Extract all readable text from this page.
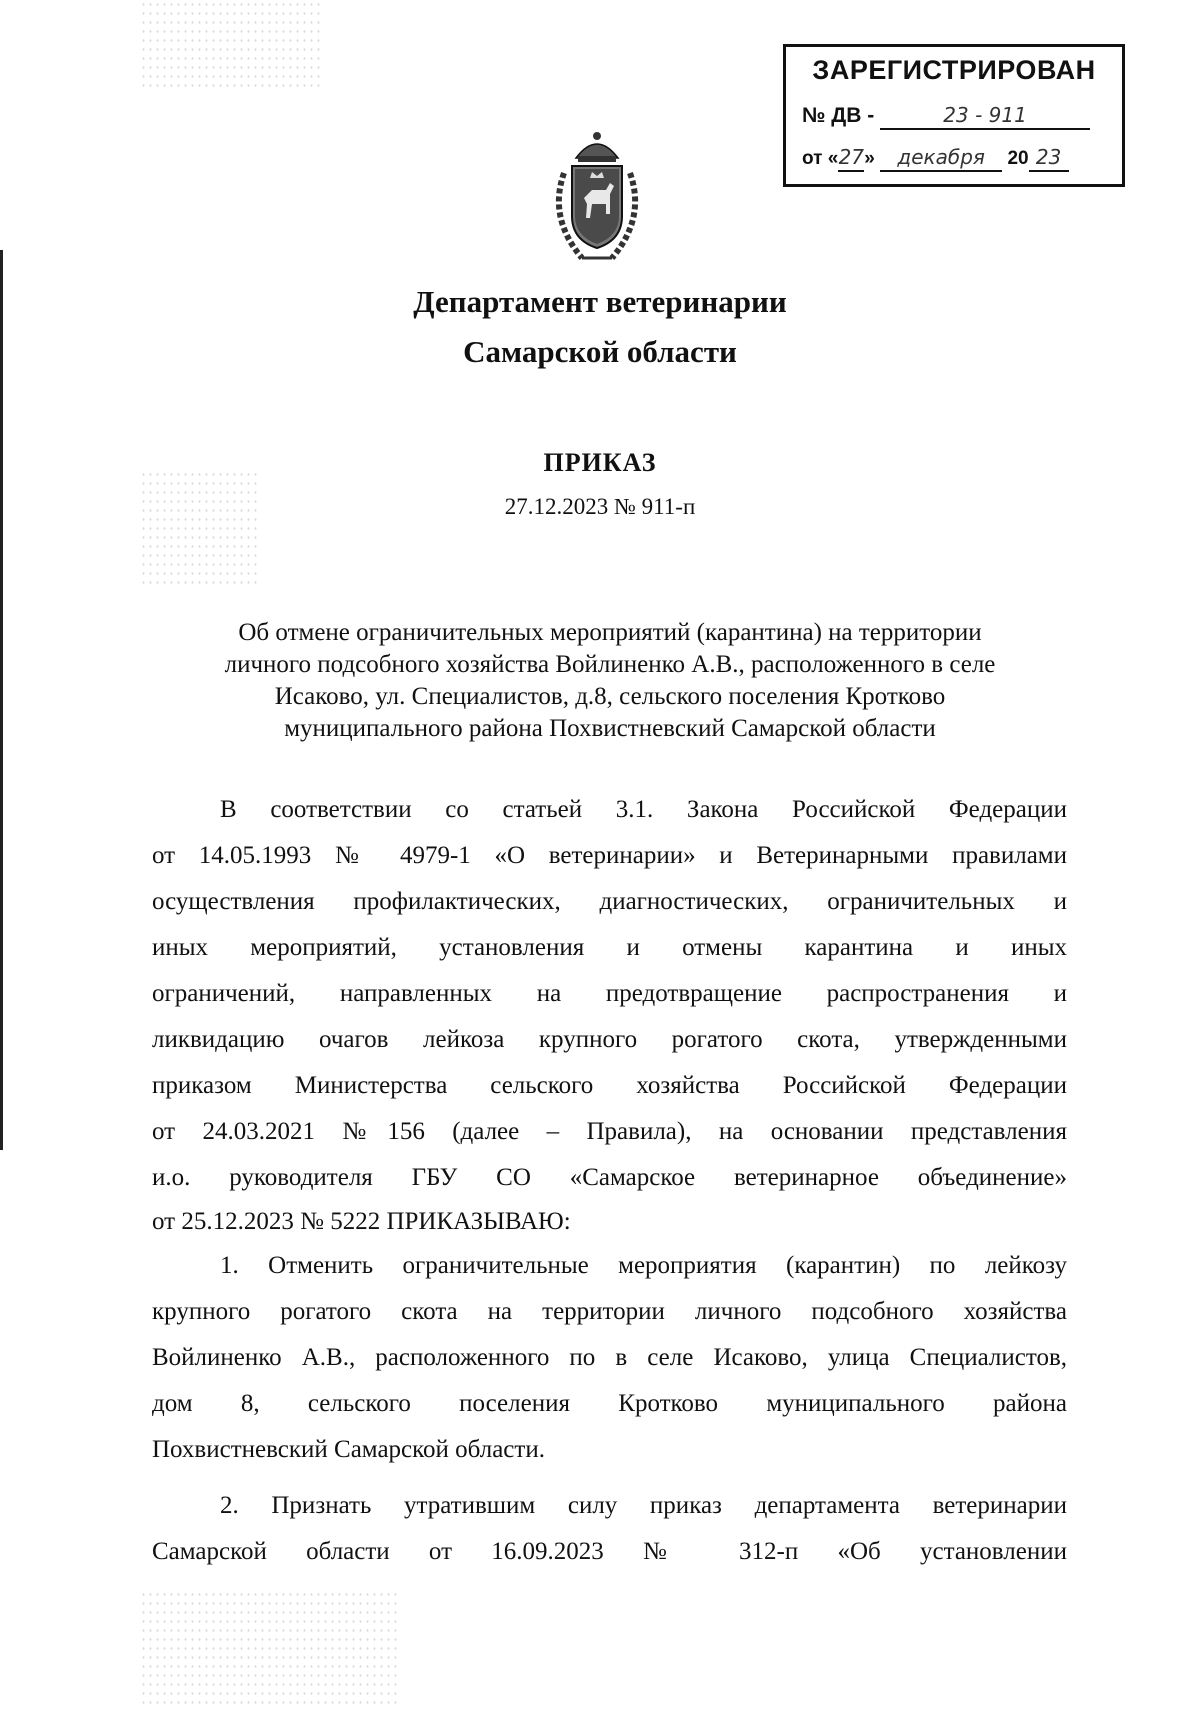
ЗАРЕГИСТРИРОВАН
№ ДВ -	23 - 911
от «27» декабря 20 23
Департамент ветеринарии
Самарской области
ПРИКАЗ
27.12.2023 № 911-п
Об отмене ограничительных мероприятий (карантина) на территории
личного подсобного хозяйства Войлиненко А.В., расположенного в селе
Исаково, ул. Специалистов, д.8, сельского поселения Кротково
муниципального района Похвистневский Самарской области
В соответствии со статьей 3.1. Закона Российской Федерации
от 14.05.1993 № 4979-1 «О ветеринарии» и Ветеринарными правилами
осуществления профилактических, диагностических, ограничительных и
иных мероприятий, установления и отмены карантина и иных
ограничений, направленных на предотвращение распространения и
ликвидацию очагов лейкоза крупного рогатого скота, утвержденными
приказом Министерства сельского хозяйства Российской Федерации
от 24.03.2021 №156 (далее – Правила), на основании представления
и.о. руководителя ГБУ СО «Самарское ветеринарное объединение»
от 25.12.2023 № 5222 ПРИКАЗЫВАЮ:
1. Отменить ограничительные мероприятия (карантин) по лейкозу
крупного рогатого скота на территории личного подсобного хозяйства
Войлиненко А.В., расположенного по в селе Исаково, улица Специалистов,
дом 8, сельского поселения Кротково муниципального района
Похвистневский Самарской области.
2. Признать утратившим силу приказ департамента ветеринарии
Самарской области от 16.09.2023 № 312-п «Об установлении
